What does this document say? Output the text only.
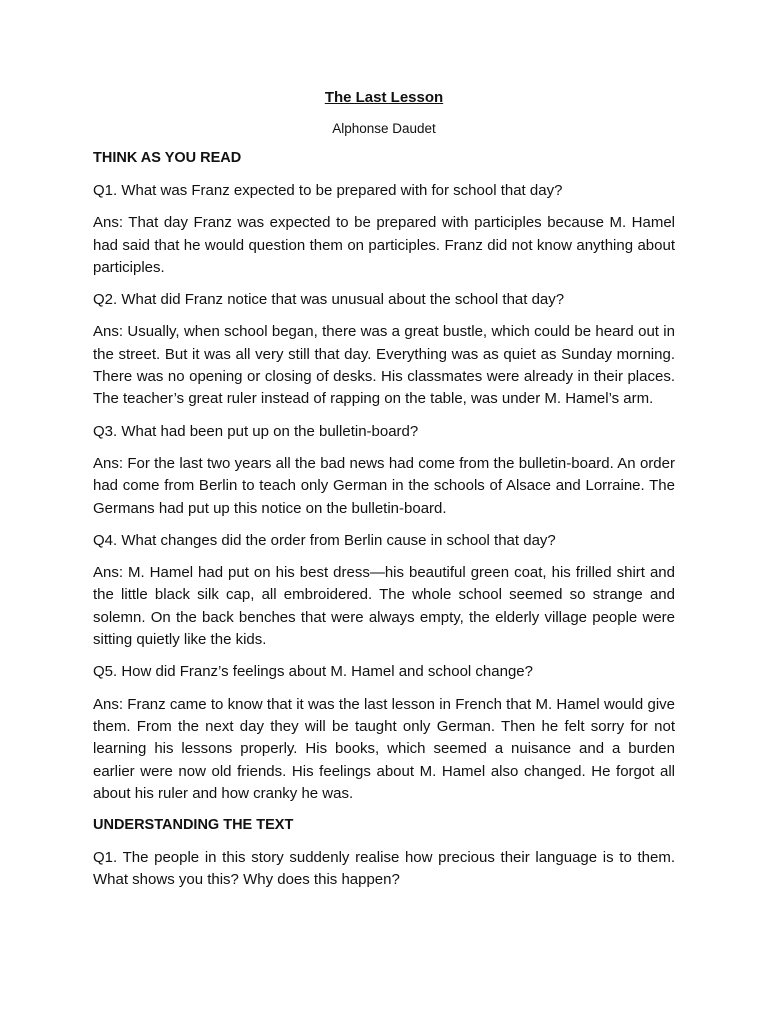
The Last Lesson
Alphonse Daudet
THINK AS YOU READ
Q1. What was Franz expected to be prepared with for school that day?
Ans: That day Franz was expected to be prepared with participles because M. Hamel had said that he would question them on participles. Franz did not know anything about participles.
Q2. What did Franz notice that was unusual about the school that day?
Ans: Usually, when school began, there was a great bustle, which could be heard out in the street. But it was all very still that day. Everything was as quiet as Sunday morning. There was no opening or closing of desks. His classmates were already in their places. The teacher’s great ruler instead of rapping on the table, was under M. Hamel’s arm.
Q3. What had been put up on the bulletin-board?
Ans: For the last two years all the bad news had come from the bulletin-board. An order had come from Berlin to teach only German in the schools of Alsace and Lorraine. The Germans had put up this notice on the bulletin-board.
Q4. What changes did the order from Berlin cause in school that day?
Ans: M. Hamel had put on his best dress—his beautiful green coat, his frilled shirt and the little black silk cap, all embroidered. The whole school seemed so strange and solemn. On the back benches that were always empty, the elderly village people were sitting quietly like the kids.
Q5. How did Franz’s feelings about M. Hamel and school change?
Ans: Franz came to know that it was the last lesson in French that M. Hamel would give them. From the next day they will be taught only German. Then he felt sorry for not learning his lessons properly. His books, which seemed a nuisance and a burden earlier were now old friends. His feelings about M. Hamel also changed. He forgot all about his ruler and how cranky he was.
UNDERSTANDING THE TEXT
Q1. The people in this story suddenly realise how precious their language is to them. What shows you this? Why does this happen?
